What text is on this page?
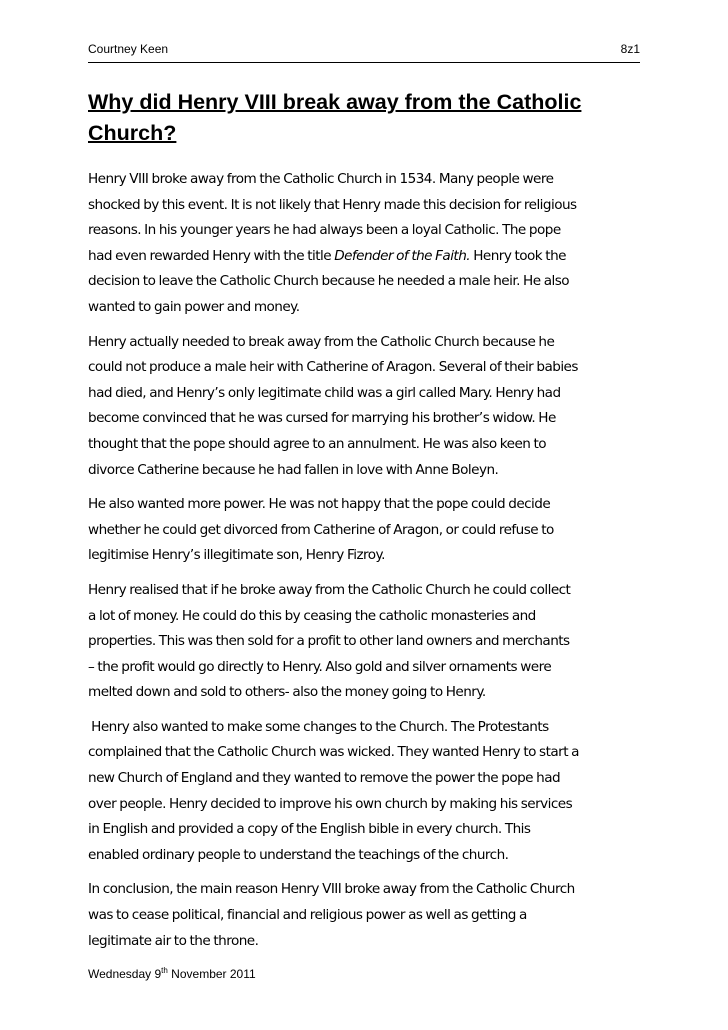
Courtney Keen	8z1
Why did Henry VIII break away from the Catholic Church?

Henry VIII broke away from the Catholic Church in 1534. Many people were
shocked by this event. It is not likely that Henry made this decision for religious
reasons. In his younger years he had always been a loyal Catholic. The pope
had even rewarded Henry with the title Defender of the Faith. Henry took the
decision to leave the Catholic Church because he needed a male heir. He also
wanted to gain power and money.

Henry actually needed to break away from the Catholic Church because he
could not produce a male heir with Catherine of Aragon. Several of their babies
had died, and Henry’s only legitimate child was a girl called Mary. Henry had
become convinced that he was cursed for marrying his brother’s widow. He
thought that the pope should agree to an annulment. He was also keen to
divorce Catherine because he had fallen in love with Anne Boleyn.

He also wanted more power. He was not happy that the pope could decide
whether he could get divorced from Catherine of Aragon, or could refuse to
legitimise Henry’s illegitimate son, Henry Fizroy.

Henry realised that if he broke away from the Catholic Church he could collect
a lot of money. He could do this by ceasing the catholic monasteries and
properties. This was then sold for a profit to other land owners and merchants
– the profit would go directly to Henry. Also gold and silver ornaments were
melted down and sold to others- also the money going to Henry.

Henry also wanted to make some changes to the Church. The Protestants
complained that the Catholic Church was wicked. They wanted Henry to start a
new Church of England and they wanted to remove the power the pope had
over people. Henry decided to improve his own church by making his services
in English and provided a copy of the English bible in every church. This
enabled ordinary people to understand the teachings of the church.

In conclusion, the main reason Henry VIII broke away from the Catholic Church
was to cease political, financial and religious power as well as getting a
legitimate air to the throne.

Wednesday 9th November 2011
